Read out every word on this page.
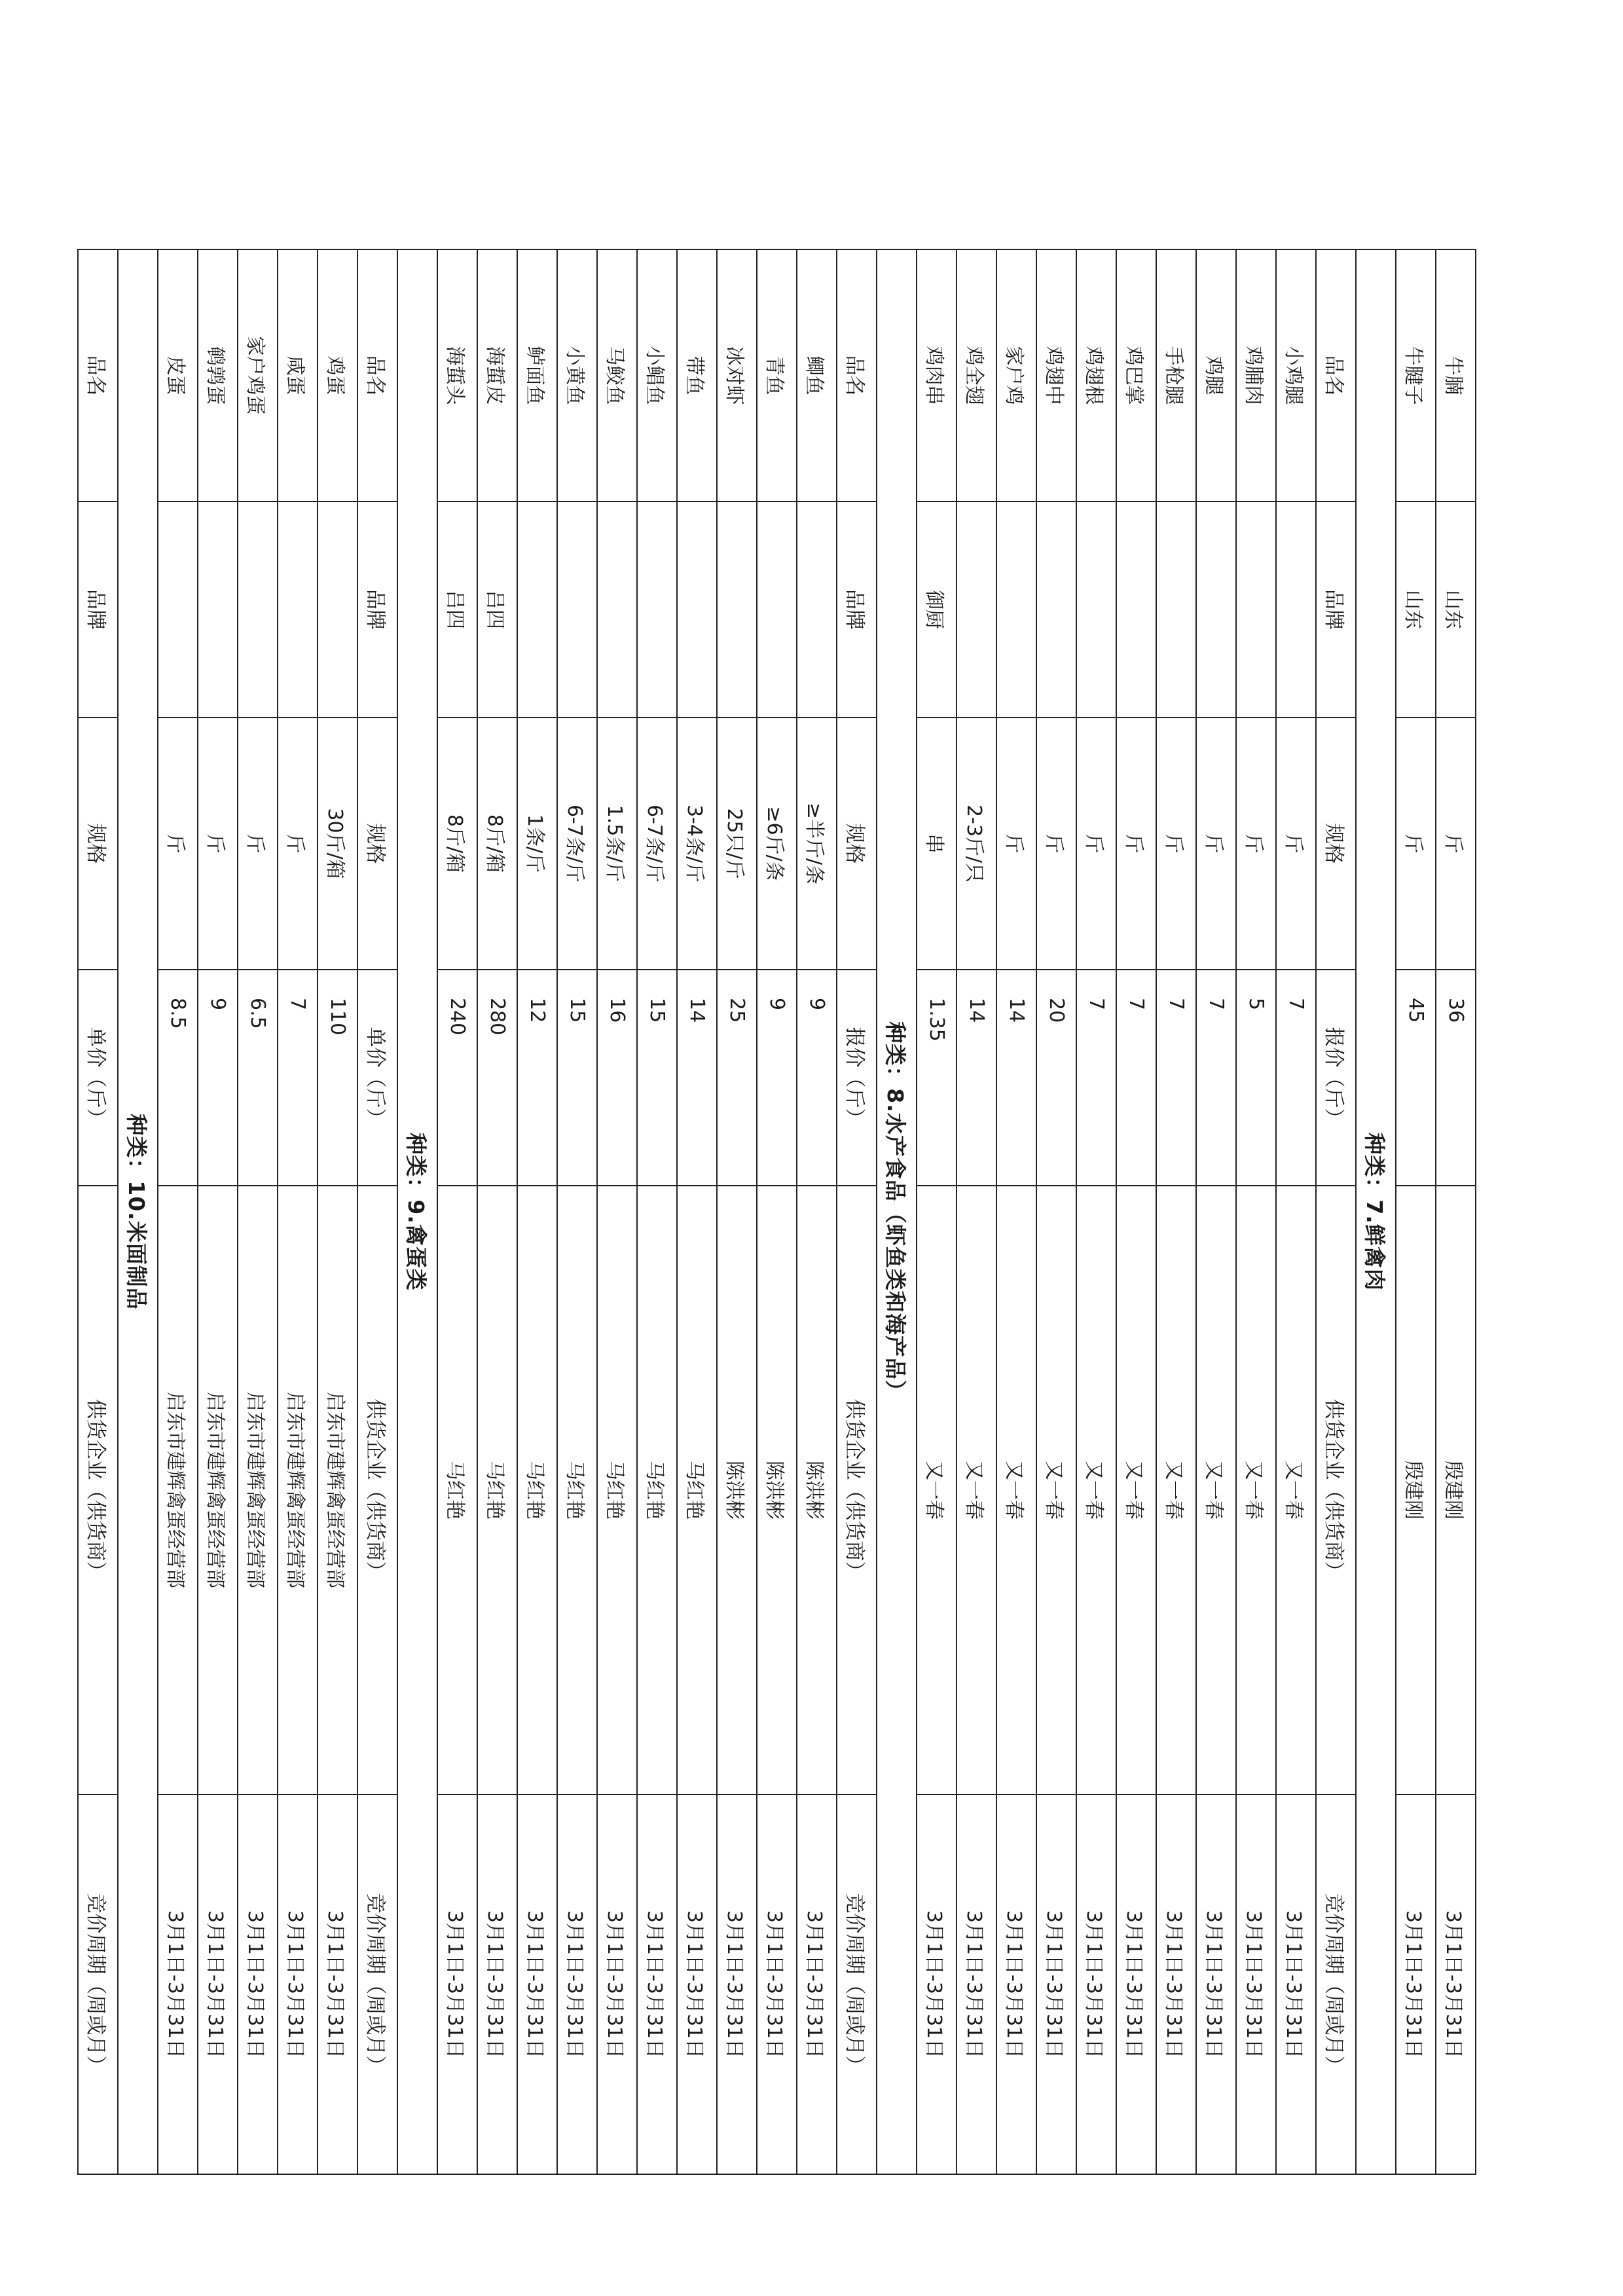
牛腩	山东	斤	36	殷建刚	3月1日-3月31日
牛腱子	山东	斤	45	殷建刚	3月1日-3月31日
种类：7.鲜禽肉					
品名	品牌	规格	报价（斤）	供货企业（供货商）	竞价周期（周或月）
小鸡腿		斤	7	又一春	3月1日-3月31日
鸡脯肉		斤	5	又一春	3月1日-3月31日
鸡腿		斤	7	又一春	3月1日-3月31日
手枪腿		斤	7	又一春	3月1日-3月31日
鸡巴掌		斤	7	又一春	3月1日-3月31日
鸡翅根		斤	7	又一春	3月1日-3月31日
鸡翅中		斤	20	又一春	3月1日-3月31日
家户鸡		斤	14	又一春	3月1日-3月31日
鸡全翅		2-3斤/只	14	又一春	3月1日-3月31日
鸡肉串	御厨	串	1.35	又一春	3月1日-3月31日
种类：8.水产食品（虾鱼类和海产品）					
品名	品牌	规格	报价（斤）	供货企业（供货商）	竞价周期（周或月）
鲫鱼		≥半斤/条	9	陈洪彬	3月1日-3月31日
青鱼		≥6斤/条	9	陈洪彬	3月1日-3月31日
冰对虾		25只/斤	25	陈洪彬	3月1日-3月31日
带鱼		3-4条/斤	14	马红艳	3月1日-3月31日
小鲳鱼		6-7条/斤	15	马红艳	3月1日-3月31日
马鲛鱼		1.5条/斤	16	马红艳	3月1日-3月31日
小黄鱼		6-7条/斤	15	马红艳	3月1日-3月31日
鲈面鱼		1条/斤	12	马红艳	3月1日-3月31日
海蜇皮	吕四	8斤/箱	280	马红艳	3月1日-3月31日
海蜇头	吕四	8斤/箱	240	马红艳	3月1日-3月31日
种类：9.禽蛋类					
品名	品牌	规格	单价（斤）	供货企业（供货商）	竞价周期（周或月）
鸡蛋		30斤/箱	110	启东市建辉禽蛋经营部	3月1日-3月31日
咸蛋		斤	7	启东市建辉禽蛋经营部	3月1日-3月31日
家户鸡蛋		斤	6.5	启东市建辉禽蛋经营部	3月1日-3月31日
鹌鹑蛋		斤	9	启东市建辉禽蛋经营部	3月1日-3月31日
皮蛋		斤	8.5	启东市建辉禽蛋经营部	3月1日-3月31日
种类：10.米面制品					
品名	品牌	规格	单价（斤）	供货企业（供货商）	竞价周期（周或月）
